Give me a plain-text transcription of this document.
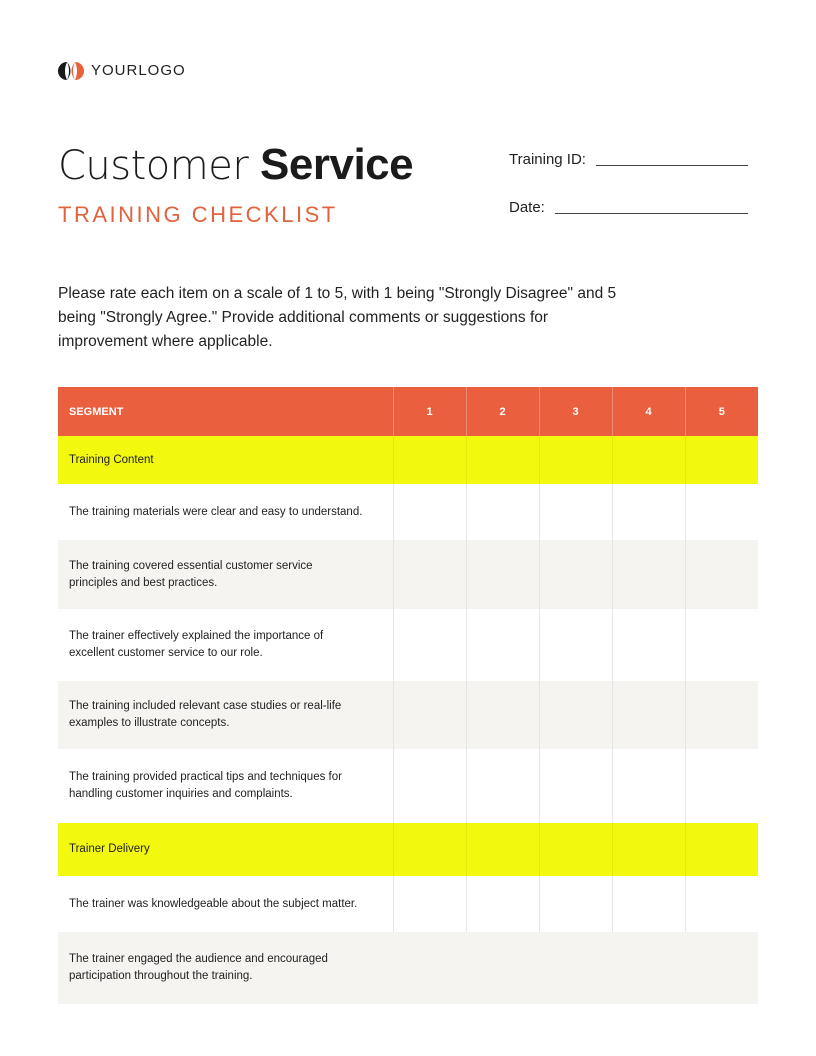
YOURLOGO
Customer Service
TRAINING CHECKLIST
Training ID:
Date:

Please rate each item on a scale of 1 to 5, with 1 being "Strongly Disagree" and 5 being "Strongly Agree." Provide additional comments or suggestions for improvement where applicable.

SEGMENT	1	2	3	4	5
Training Content					

The training materials were clear and easy to understand.					

The training covered essential customer service principles and best practices.					

The trainer effectively explained the importance of excellent customer service to our role.					

The training included relevant case studies or real-life examples to illustrate concepts.					

The training provided practical tips and techniques for handling customer inquiries and complaints.					

Trainer Delivery					

The trainer was knowledgeable about the subject matter.					

The trainer engaged the audience and encouraged participation throughout the training.					
